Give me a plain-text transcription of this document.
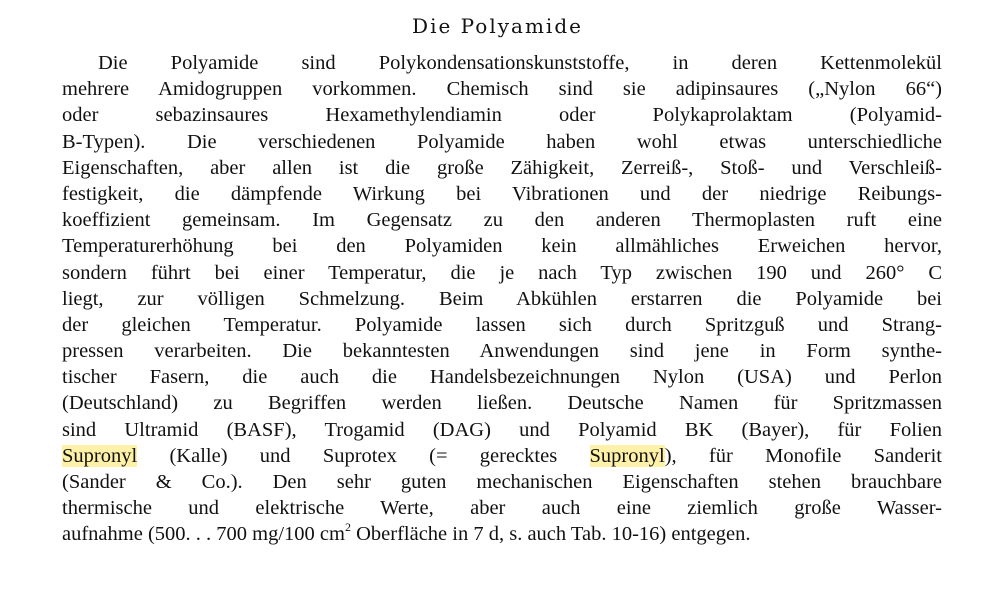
Die Polyamide
Die Polyamide sind Polykondensationskunststoffe, in deren Kettenmolekül
mehrere Amidogruppen vorkommen. Chemisch sind sie adipinsaures („Nylon 66“)
oder sebazinsaures Hexamethylendiamin oder Polykaprolaktam (Polyamid-
B-Typen). Die verschiedenen Polyamide haben wohl etwas unterschiedliche
Eigenschaften, aber allen ist die große Zähigkeit, Zerreiß-, Stoß- und Verschleiß-
festigkeit, die dämpfende Wirkung bei Vibrationen und der niedrige Reibungs-
koeffizient gemeinsam. Im Gegensatz zu den anderen Thermoplasten ruft eine
Temperaturerhöhung bei den Polyamiden kein allmähliches Erweichen hervor,
sondern führt bei einer Temperatur, die je nach Typ zwischen 190 und 260° C
liegt, zur völligen Schmelzung. Beim Abkühlen erstarren die Polyamide bei
der gleichen Temperatur. Polyamide lassen sich durch Spritzguß und Strang-
pressen verarbeiten. Die bekanntesten Anwendungen sind jene in Form synthe-
tischer Fasern, die auch die Handelsbezeichnungen Nylon (USA) und Perlon
(Deutschland) zu Begriffen werden ließen. Deutsche Namen für Spritzmassen
sind Ultramid (BASF), Trogamid (DAG) und Polyamid BK (Bayer), für Folien
Supronyl (Kalle) und Suprotex (= gerecktes Supronyl), für Monofile Sanderit
(Sander & Co.). Den sehr guten mechanischen Eigenschaften stehen brauchbare
thermische und elektrische Werte, aber auch eine ziemlich große Wasser-
aufnahme (500. . . 700 mg/100 $cm^2$ Oberfläche in 7 d, s. auch Tab. 10-16) entgegen.
